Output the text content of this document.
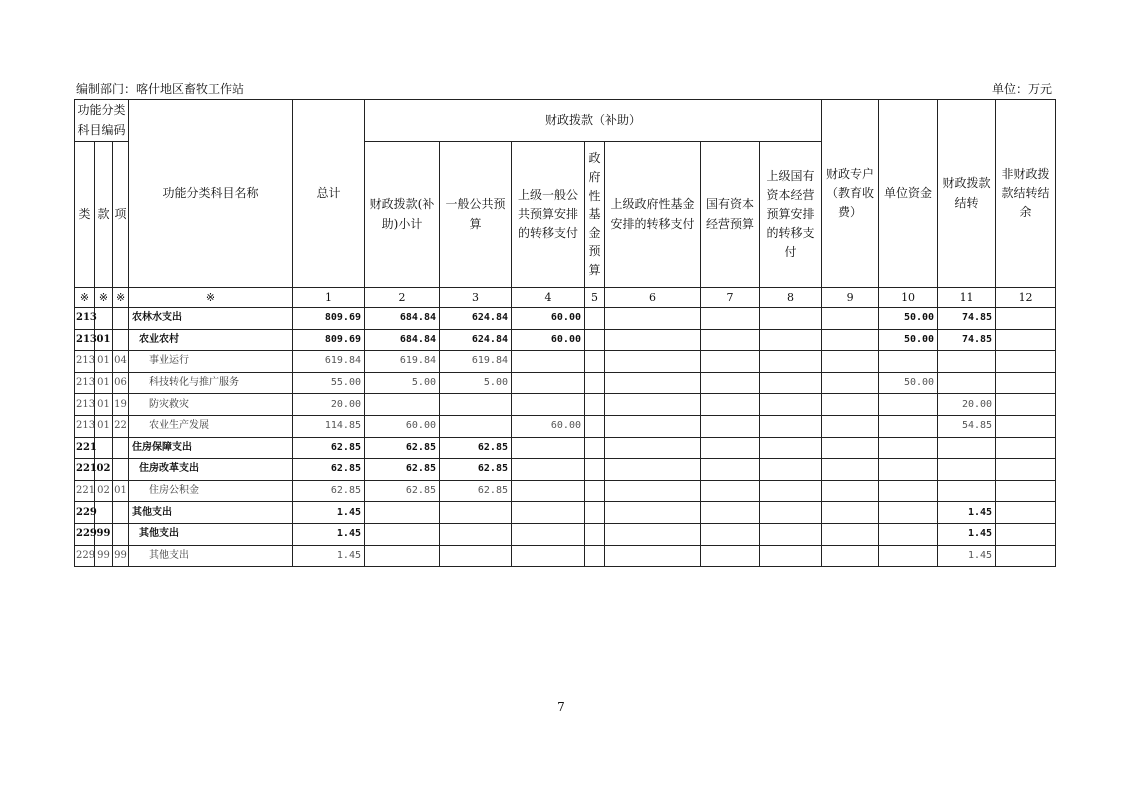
编制部门：喀什地区畜牧工作站	单位：万元
功能分类科目编码			功能分类科目名称	总计	财政拨款（补助）							财政专户（教育收费）	单位资金	财政拨款结转	非财政拨款结转结余
类	款	项			财政拨款(补助)小计	一般公共预算	上级一般公共预算安排的转移支付	政府性基金预算	上级政府性基金安排的转移支付	国有资本经营预算	上级国有资本经营预算安排的转移支付				
※	※	※	※	1	2	3	4	5	6	7	8	9	10	11	12
213			农林水支出	809.69	684.84	624.84	60.00						50.00	74.85	
213	01		农业农村	809.69	684.84	624.84	60.00						50.00	74.85	
213	01	04	事业运行	619.84	619.84	619.84									
213	01	06	科技转化与推广服务	55.00	5.00	5.00							50.00		
213	01	19	防灾救灾	20.00										20.00	
213	01	22	农业生产发展	114.85	60.00		60.00							54.85	
221			住房保障支出	62.85	62.85	62.85									
221	02		住房改革支出	62.85	62.85	62.85									
221	02	01	住房公积金	62.85	62.85	62.85									
229			其他支出	1.45										1.45	
229	99		其他支出	1.45										1.45	
229	99	99	其他支出	1.45										1.45	
7
